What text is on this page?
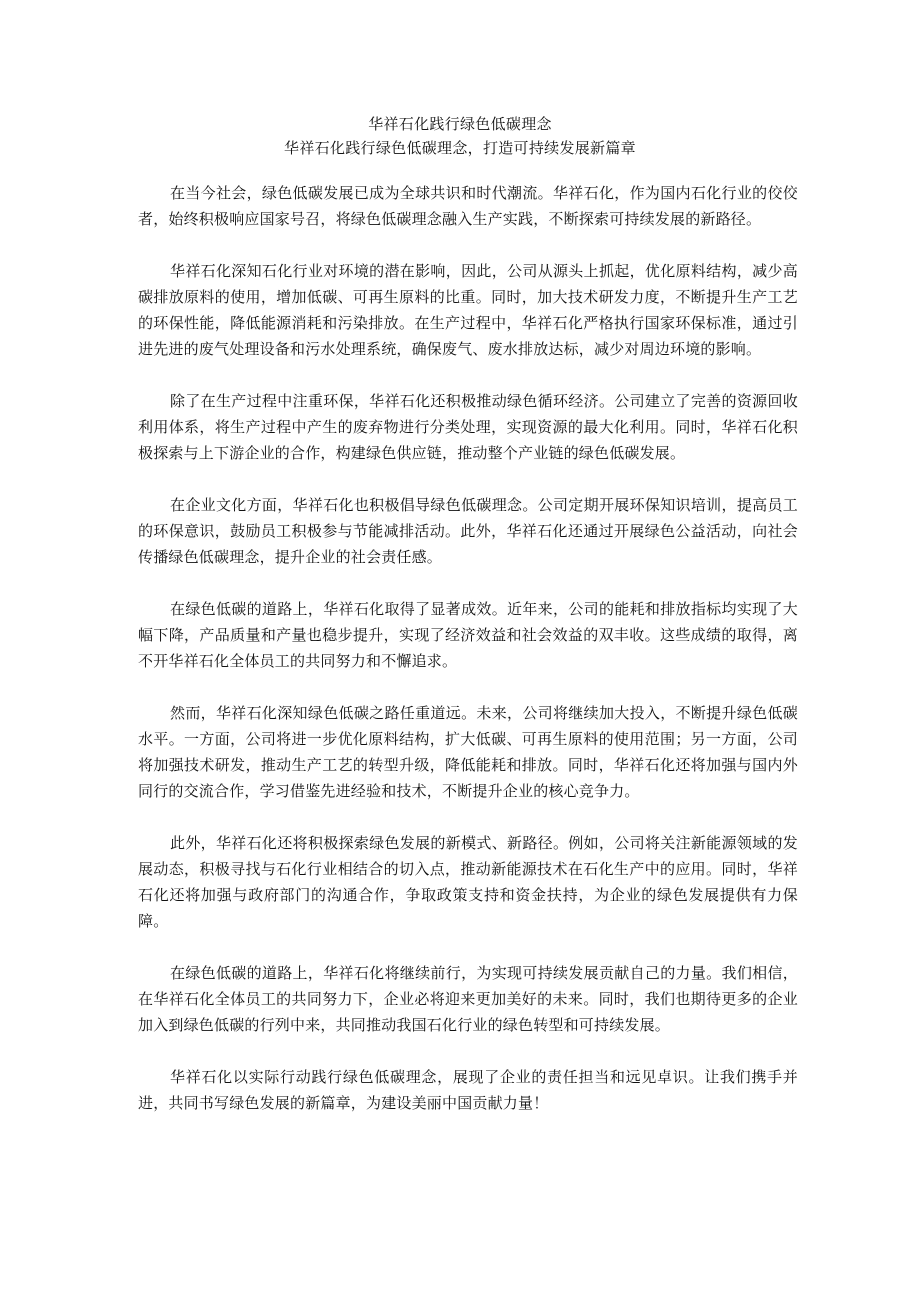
华祥石化践行绿色低碳理念
华祥石化践行绿色低碳理念，打造可持续发展新篇章

在当今社会，绿色低碳发展已成为全球共识和时代潮流。华祥石化，作为国内石化行业的佼佼者，始终积极响应国家号召，将绿色低碳理念融入生产实践，不断探索可持续发展的新路径。

华祥石化深知石化行业对环境的潜在影响，因此，公司从源头上抓起，优化原料结构，减少高碳排放原料的使用，增加低碳、可再生原料的比重。同时，加大技术研发力度，不断提升生产工艺的环保性能，降低能源消耗和污染排放。在生产过程中，华祥石化严格执行国家环保标准，通过引进先进的废气处理设备和污水处理系统，确保废气、废水排放达标，减少对周边环境的影响。

除了在生产过程中注重环保，华祥石化还积极推动绿色循环经济。公司建立了完善的资源回收利用体系，将生产过程中产生的废弃物进行分类处理，实现资源的最大化利用。同时，华祥石化积极探索与上下游企业的合作，构建绿色供应链，推动整个产业链的绿色低碳发展。

在企业文化方面，华祥石化也积极倡导绿色低碳理念。公司定期开展环保知识培训，提高员工的环保意识，鼓励员工积极参与节能减排活动。此外，华祥石化还通过开展绿色公益活动，向社会传播绿色低碳理念，提升企业的社会责任感。

在绿色低碳的道路上，华祥石化取得了显著成效。近年来，公司的能耗和排放指标均实现了大幅下降，产品质量和产量也稳步提升，实现了经济效益和社会效益的双丰收。这些成绩的取得，离不开华祥石化全体员工的共同努力和不懈追求。

然而，华祥石化深知绿色低碳之路任重道远。未来，公司将继续加大投入，不断提升绿色低碳水平。一方面，公司将进一步优化原料结构，扩大低碳、可再生原料的使用范围；另一方面，公司将加强技术研发，推动生产工艺的转型升级，降低能耗和排放。同时，华祥石化还将加强与国内外同行的交流合作，学习借鉴先进经验和技术，不断提升企业的核心竞争力。

此外，华祥石化还将积极探索绿色发展的新模式、新路径。例如，公司将关注新能源领域的发展动态，积极寻找与石化行业相结合的切入点，推动新能源技术在石化生产中的应用。同时，华祥石化还将加强与政府部门的沟通合作，争取政策支持和资金扶持，为企业的绿色发展提供有力保障。

在绿色低碳的道路上，华祥石化将继续前行，为实现可持续发展贡献自己的力量。我们相信，在华祥石化全体员工的共同努力下，企业必将迎来更加美好的未来。同时，我们也期待更多的企业加入到绿色低碳的行列中来，共同推动我国石化行业的绿色转型和可持续发展。

华祥石化以实际行动践行绿色低碳理念，展现了企业的责任担当和远见卓识。让我们携手并进，共同书写绿色发展的新篇章，为建设美丽中国贡献力量！
